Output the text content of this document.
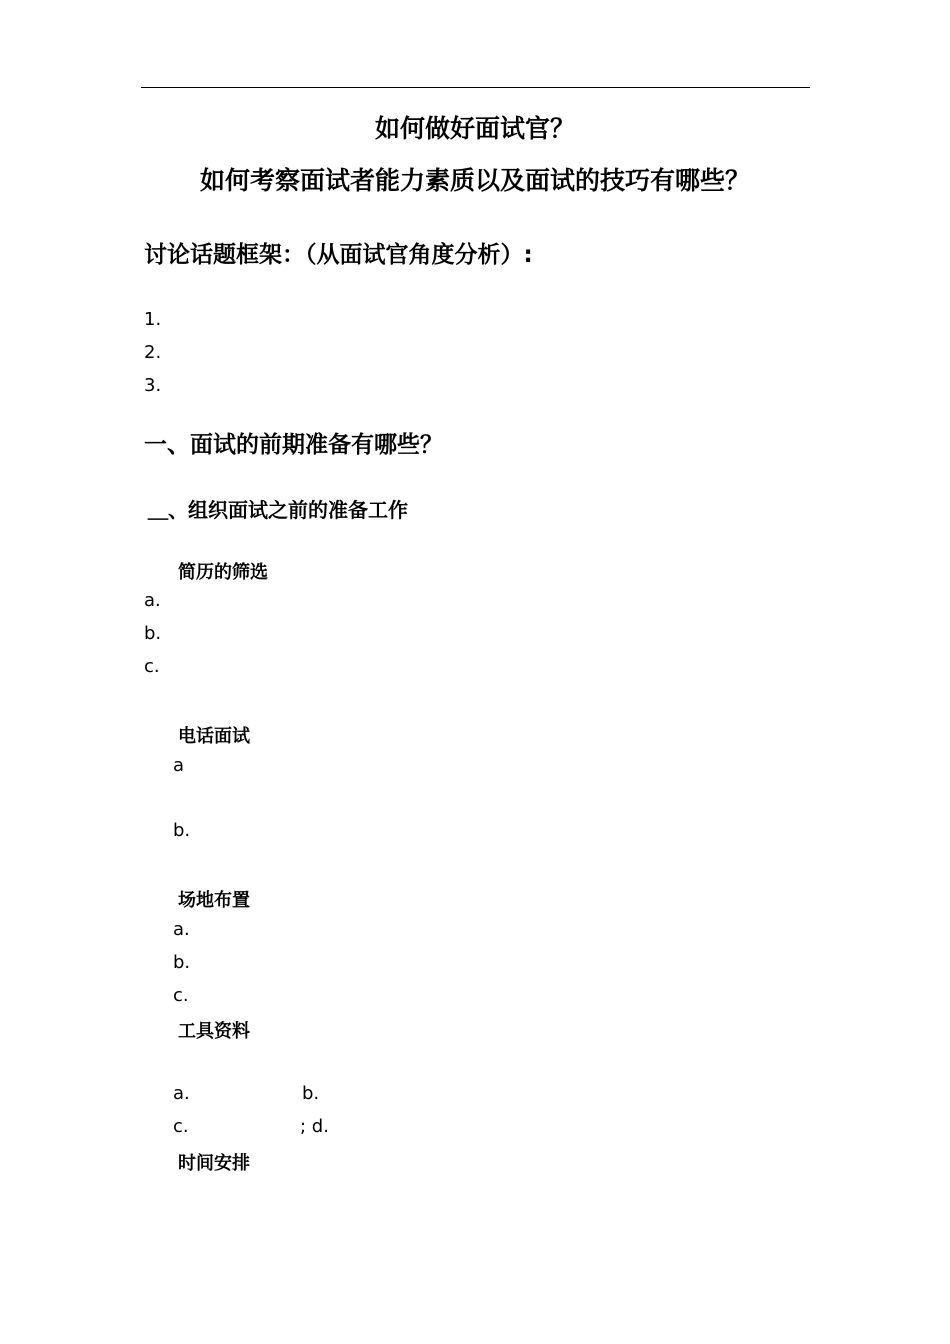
如何做好面试官？
如何考察面试者能力素质以及面试的技巧有哪些？
讨论话题框架：（从面试官角度分析）:
1.
2.
3.
一、面试的前期准备有哪些？
＿、组织面试之前的准备工作
简历的筛选
a.
b.
c.
电话面试
a
b.
场地布置
a.
b.
c.
工具资料
a.	b.
c.	; d.
时间安排
